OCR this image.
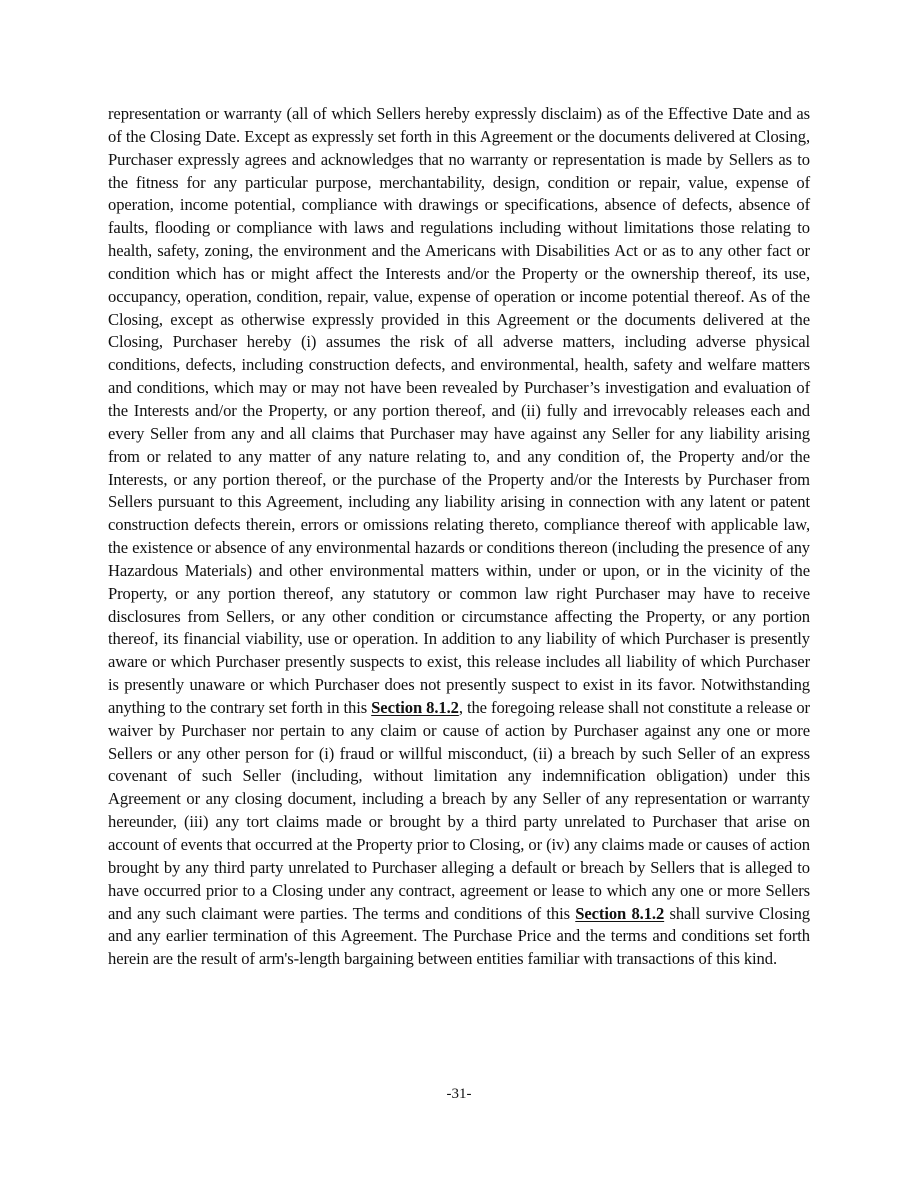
representation or warranty (all of which Sellers hereby expressly disclaim) as of the Effective Date and as of the Closing Date. Except as expressly set forth in this Agreement or the documents delivered at Closing, Purchaser expressly agrees and acknowledges that no warranty or representation is made by Sellers as to the fitness for any particular purpose, merchantability, design, condition or repair, value, expense of operation, income potential, compliance with drawings or specifications, absence of defects, absence of faults, flooding or compliance with laws and regulations including without limitations those relating to health, safety, zoning, the environment and the Americans with Disabilities Act or as to any other fact or condition which has or might affect the Interests and/or the Property or the ownership thereof, its use, occupancy, operation, condition, repair, value, expense of operation or income potential thereof. As of the Closing, except as otherwise expressly provided in this Agreement or the documents delivered at the Closing, Purchaser hereby (i) assumes the risk of all adverse matters, including adverse physical conditions, defects, including construction defects, and environmental, health, safety and welfare matters and conditions, which may or may not have been revealed by Purchaser’s investigation and evaluation of the Interests and/or the Property, or any portion thereof, and (ii) fully and irrevocably releases each and every Seller from any and all claims that Purchaser may have against any Seller for any liability arising from or related to any matter of any nature relating to, and any condition of, the Property and/or the Interests, or any portion thereof, or the purchase of the Property and/or the Interests by Purchaser from Sellers pursuant to this Agreement, including any liability arising in connection with any latent or patent construction defects therein, errors or omissions relating thereto, compliance thereof with applicable law, the existence or absence of any environmental hazards or conditions thereon (including the presence of any Hazardous Materials) and other environmental matters within, under or upon, or in the vicinity of the Property, or any portion thereof, any statutory or common law right Purchaser may have to receive disclosures from Sellers, or any other condition or circumstance affecting the Property, or any portion thereof, its financial viability, use or operation. In addition to any liability of which Purchaser is presently aware or which Purchaser presently suspects to exist, this release includes all liability of which Purchaser is presently unaware or which Purchaser does not presently suspect to exist in its favor. Notwithstanding anything to the contrary set forth in this Section 8.1.2, the foregoing release shall not constitute a release or waiver by Purchaser nor pertain to any claim or cause of action by Purchaser against any one or more Sellers or any other person for (i) fraud or willful misconduct, (ii) a breach by such Seller of an express covenant of such Seller (including, without limitation any indemnification obligation) under this Agreement or any closing document, including a breach by any Seller of any representation or warranty hereunder, (iii) any tort claims made or brought by a third party unrelated to Purchaser that arise on account of events that occurred at the Property prior to Closing, or (iv) any claims made or causes of action brought by any third party unrelated to Purchaser alleging a default or breach by Sellers that is alleged to have occurred prior to a Closing under any contract, agreement or lease to which any one or more Sellers and any such claimant were parties. The terms and conditions of this Section 8.1.2 shall survive Closing and any earlier termination of this Agreement. The Purchase Price and the terms and conditions set forth herein are the result of arm's-length bargaining between entities familiar with transactions of this kind.

-31-
